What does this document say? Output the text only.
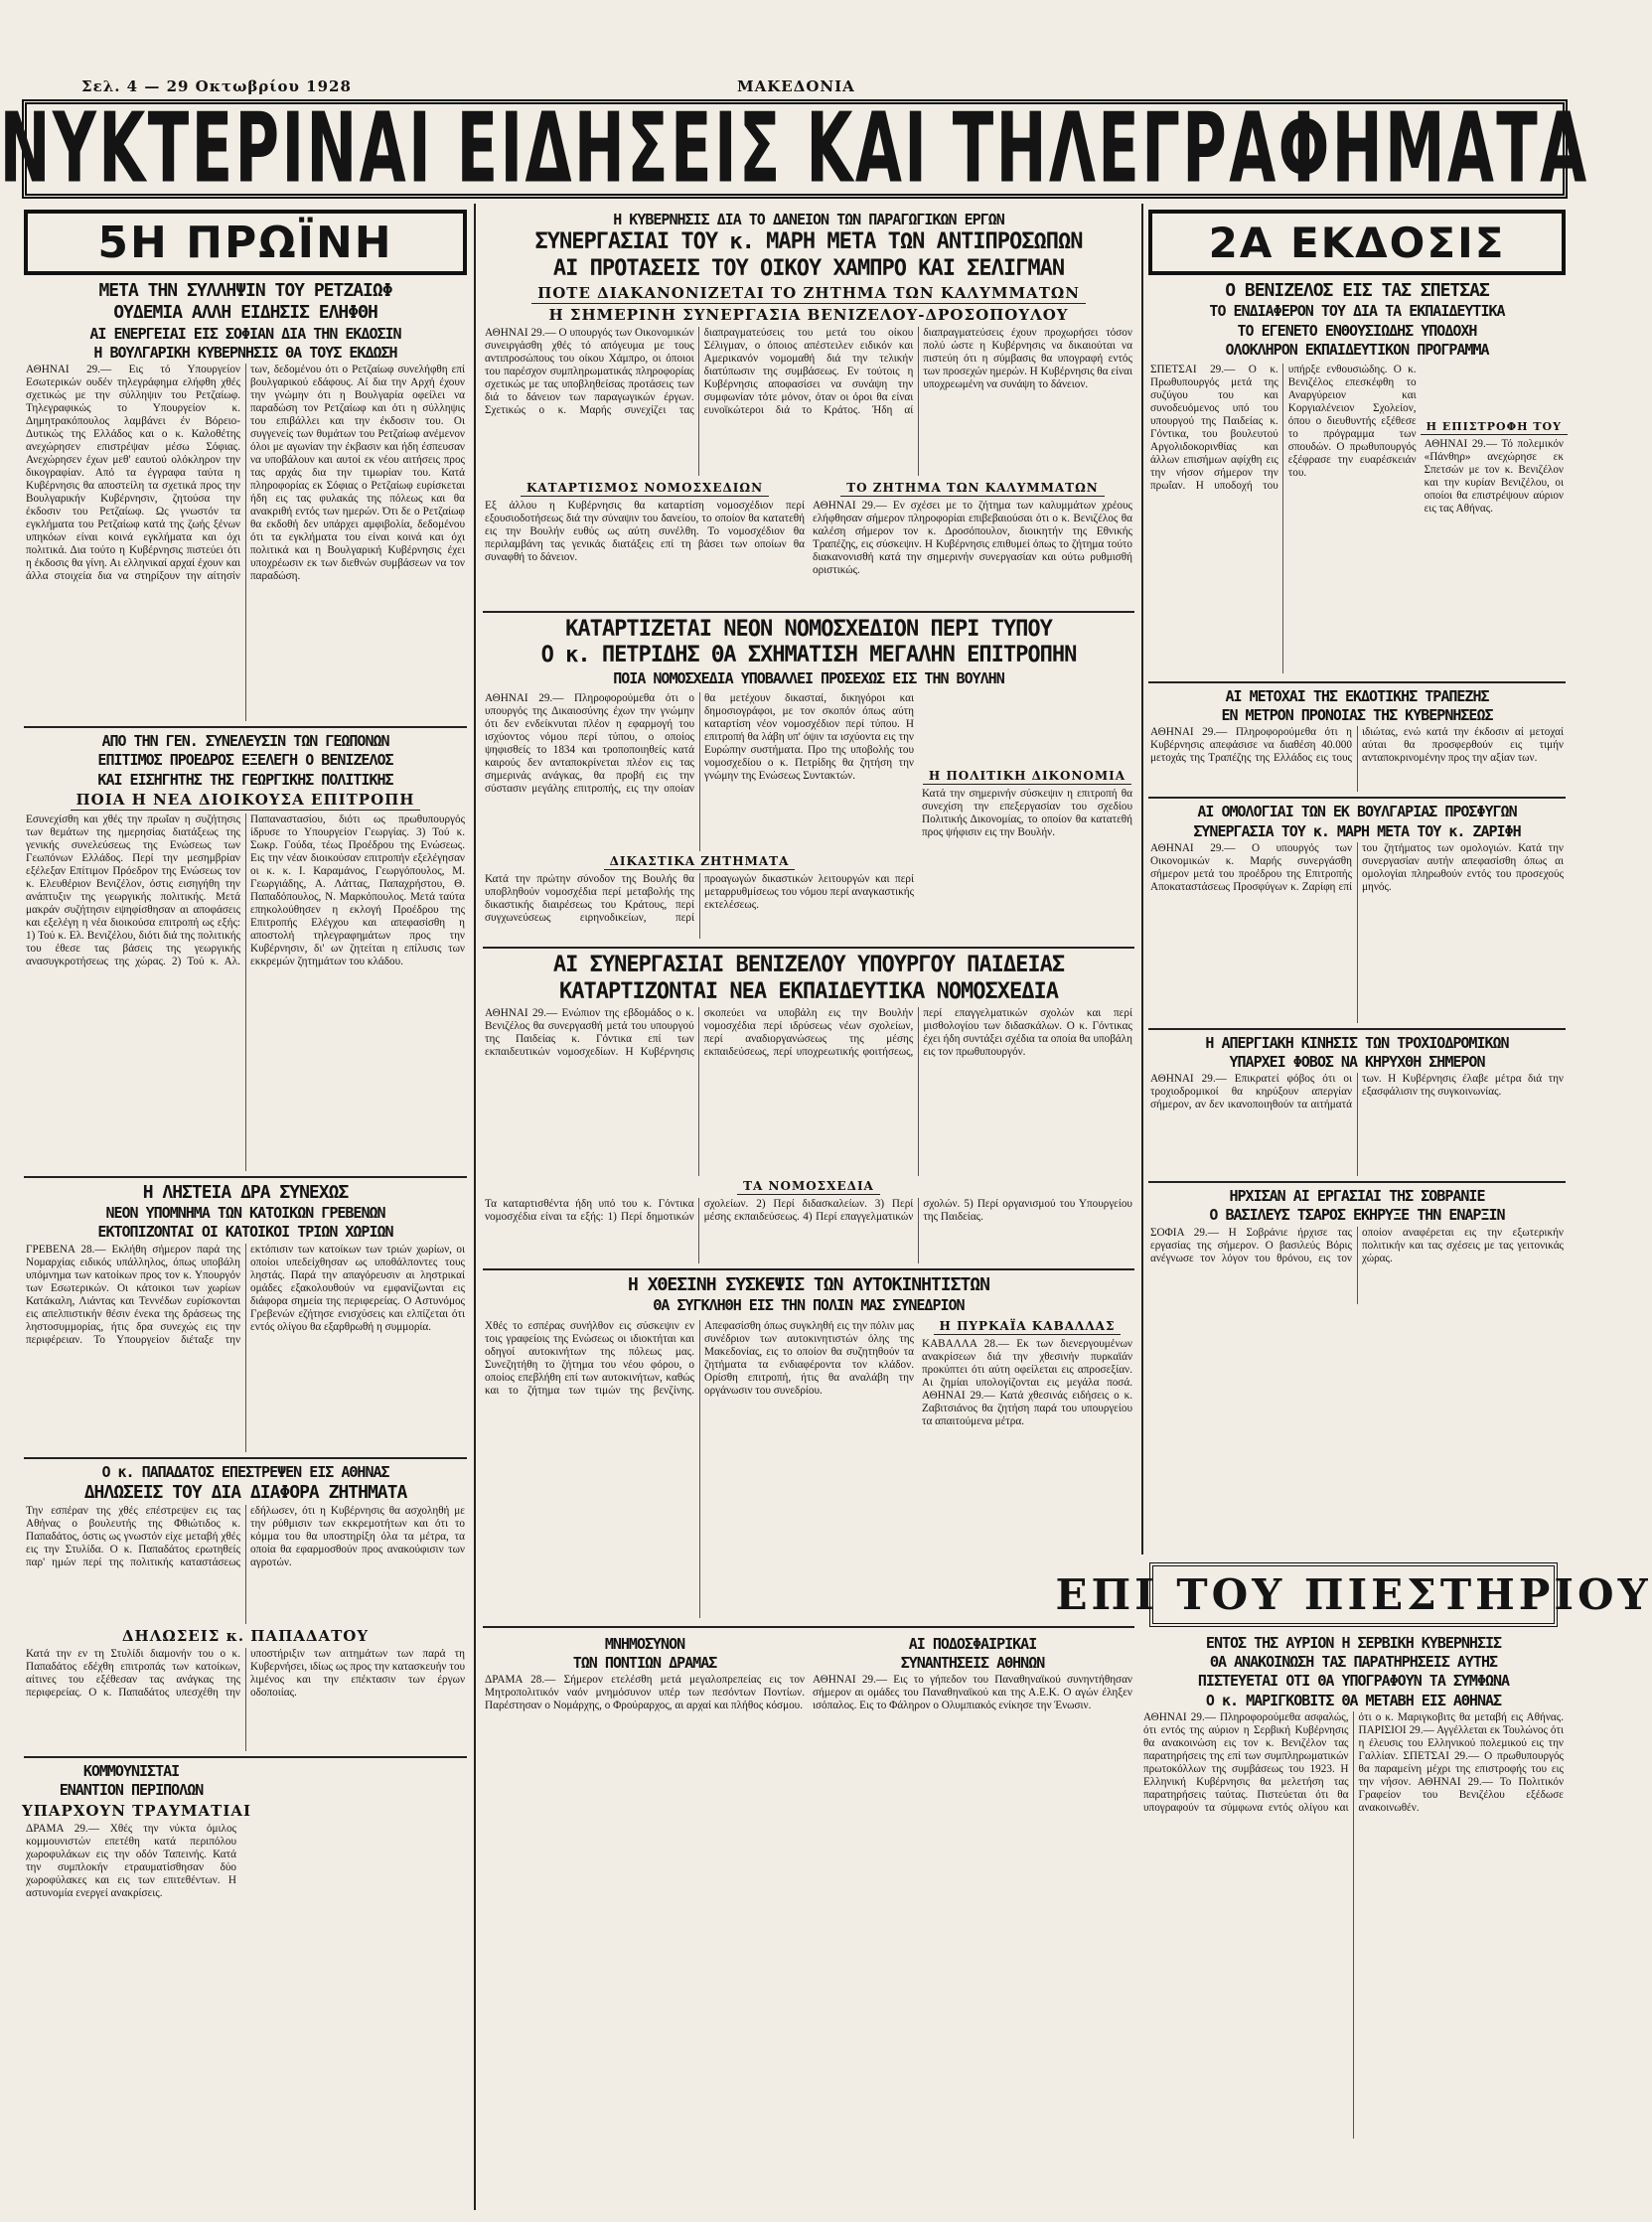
Σελ. 4 — 29 Οκτωβρίου 1928	ΜΑΚΕΔΟΝΙΑ
ΝΥΚΤΕΡΙΝΑΙ ΕΙΔΗΣΕΙΣ ΚΑΙ ΤΗΛΕΓΡΑΦΗΜΑΤΑ
5Η ΠΡΩΪΝΗ
ΜΕΤΑ ΤΗΝ ΣΥΛΛΗΨΙΝ ΤΟΥ ΡΕΤΖΑΙΩΦ
ΟΥΔΕΜΙΑ ΑΛΛΗ ΕΙΔΗΣΙΣ ΕΛΗΦΘΗ
ΑΙ ΕΝΕΡΓΕΙΑΙ ΕΙΣ ΣΟΦΙΑΝ ΔΙΑ ΤΗΝ ΕΚΔΟΣΙΝ
Η ΒΟΥΛΓΑΡΙΚΗ ΚΥΒΕΡΝΗΣΙΣ ΘΑ ΤΟΥΣ ΕΚΔΩΣΗ
ΑΘΗΝΑΙ 29.— Εις τό Υπουργείον Εσωτερικών ουδέν τηλεγράφημα ελήφθη χθές σχετικώς με την σύλληψιν του Ρετζαίωφ. Τηλεγραφικώς το Υπουργείον κ. Δημητρακόπουλος λαμβάνει έν Βόρειο-Δυτικώς της Ελλάδος και ο κ. Καλοθέτης ανεχώρησεν επιστρέψαν μέσω Σόφιας. Ανεχώρησεν έχων μεθ' εαυτού ολόκληρον την δικογραφίαν. Από τα έγγραφα ταύτα η Κυβέρνησις θα αποστείλη τα σχετικά προς την Βουλγαρικήν Κυβέρνησιν, ζητούσα την έκδοσιν του Ρετζαίωφ. Ως γνωστόν τα εγκλήματα του Ρετζαίωφ κατά της ζωής ξένων υπηκόων είναι κοινά εγκλήματα και όχι πολιτικά. Δια τούτο η Κυβέρνησις πιστεύει ότι η έκδοσις θα γίνη. Αι ελληνικαί αρχαί έχουν και άλλα στοιχεία δια να στηρίξουν την αίτησίν των, δεδομένου ότι ο Ρετζαίωφ συνελήφθη επί βουλγαρικού εδάφους. Αί δια την Αρχή έχουν την γνώμην ότι η Βουλγαρία οφείλει να παραδώση τον Ρετζαίωφ και ότι η σύλληψις του επιβάλλει και την έκδοσιν του. Οι συγγενείς των θυμάτων του Ρετζαίωφ ανέμενον όλοι με αγωνίαν την έκβασιν και ήδη έσπευσαν να υποβάλουν και αυτοί εκ νέου αιτήσεις προς τας αρχάς δια την τιμωρίαν του. Κατά πληροφορίας εκ Σόφιας ο Ρετζαίωφ ευρίσκεται ήδη εις τας φυλακάς της πόλεως και θα ανακριθή εντός των ημερών. Ότι δε ο Ρετζαίωφ θα εκδοθή δεν υπάρχει αμφιβολία, δεδομένου ότι τα εγκλήματα του είναι κοινά και όχι πολιτικά και η Βουλγαρική Κυβέρνησις έχει υποχρέωσιν εκ των διεθνών συμβάσεων να τον παραδώση.
ΑΠΟ ΤΗΝ ΓΕΝ. ΣΥΝΕΛΕΥΣΙΝ ΤΩΝ ΓΕΩΠΟΝΩΝ
ΕΠΙΤΙΜΟΣ ΠΡΟΕΔΡΟΣ ΕΞΕΛΕΓΗ Ο ΒΕΝΙΖΕΛΟΣ
ΚΑΙ ΕΙΣΗΓΗΤΗΣ ΤΗΣ ΓΕΩΡΓΙΚΗΣ ΠΟΛΙΤΙΚΗΣ
ΠΟΙΑ Η ΝΕΑ ΔΙΟΙΚΟΥΣΑ ΕΠΙΤΡΟΠΗ
Εσυνεχίσθη και χθές την πρωΐαν η συζήτησις των θεμάτων της ημερησίας διατάξεως της γενικής συνελεύσεως της Ενώσεως των Γεωπόνων Ελλάδος. Περί την μεσημβρίαν εξέλεξαν Επίτιμον Πρόεδρον της Ενώσεως τον κ. Ελευθέριον Βενιζέλον, όστις εισηγήθη την ανάπτυξιν της γεωργικής πολιτικής. Μετά μακράν συζήτησιν εψηφίσθησαν αι αποφάσεις και εξελέγη η νέα διοικούσα επιτροπή ως εξής: 1) Τού κ. Ελ. Βενιζέλου, διότι διά της πολιτικής του έθεσε τας βάσεις της γεωργικής ανασυγκροτήσεως της χώρας. 2) Τού κ. Αλ. Παπαναστασίου, διότι ως πρωθυπουργός ίδρυσε το Υπουργείον Γεωργίας. 3) Τού κ. Σωκρ. Γούδα, τέως Προέδρου της Ενώσεως. Εις την νέαν διοικούσαν επιτροπήν εξελέγησαν οι κ. κ. Ι. Καραμάνος, Γεωργόπουλος, Μ. Γεωργιάδης, Α. Λάττας, Παπαχρήστου, Θ. Παπαδόπουλος, Ν. Μαρκόπουλος. Μετά ταύτα επηκολούθησεν η εκλογή Προέδρου της Επιτροπής Ελέγχου και απεφασίσθη η αποστολή τηλεγραφημάτων προς την Κυβέρνησιν, δι' ων ζητείται η επίλυσις των εκκρεμών ζητημάτων του κλάδου.
Η ΛΗΣΤΕΙΑ ΔΡΑ ΣΥΝΕΧΩΣ
ΝΕΟΝ ΥΠΟΜΝΗΜΑ ΤΩΝ ΚΑΤΟΙΚΩΝ ΓΡΕΒΕΝΩΝ
ΕΚΤΟΠΙΖΟΝΤΑΙ ΟΙ ΚΑΤΟΙΚΟΙ ΤΡΙΩΝ ΧΩΡΙΩΝ
ΓΡΕΒΕΝΑ 28.— Εκλήθη σήμερον παρά της Νομαρχίας ειδικός υπάλληλος, όπως υποβάλη υπόμνημα των κατοίκων προς τον κ. Υπουργόν των Εσωτερικών. Οι κάτοικοι των χωρίων Κατάκαλη, Λιάντας και Τεννέδων ευρίσκονται εις απελπιστικήν θέσιν ένεκα της δράσεως της ληστοσυμμορίας, ήτις δρα συνεχώς εις την περιφέρειαν. Το Υπουργείον διέταξε την εκτόπισιν των κατοίκων των τριών χωρίων, οι οποίοι υπεδείχθησαν ως υποθάλποντες τους ληστάς. Παρά την απαγόρευσιν αι ληστρικαί ομάδες εξακολουθούν να εμφανίζωνται εις διάφορα σημεία της περιφερείας. Ο Αστυνόμος Γρεβενών εζήτησε ενισχύσεις και ελπίζεται ότι εντός ολίγου θα εξαρθρωθή η συμμορία.
Ο κ. ΠΑΠΑΔΑΤΟΣ ΕΠΕΣΤΡΕΨΕΝ ΕΙΣ ΑΘΗΝΑΣ
ΔΗΛΩΣΕΙΣ ΤΟΥ ΔΙΑ ΔΙΑΦΟΡΑ ΖΗΤΗΜΑΤΑ
Την εσπέραν της χθές επέστρεψεν εις τας Αθήνας ο βουλευτής της Φθιώτιδος κ. Παπαδάτος, όστις ως γνωστόν είχε μεταβή χθές εις την Στυλίδα. Ο κ. Παπαδάτος ερωτηθείς παρ' ημών περί της πολιτικής καταστάσεως εδήλωσεν, ότι η Κυβέρνησις θα ασχοληθή με την ρύθμισιν των εκκρεμοτήτων και ότι το κόμμα του θα υποστηρίξη όλα τα μέτρα, τα οποία θα εφαρμοσθούν προς ανακούφισιν των αγροτών.
ΔΗΛΩΣΕΙΣ κ. ΠΑΠΑΔΑΤΟΥ
Κατά την εν τη Στυλίδι διαμονήν του ο κ. Παπαδάτος εδέχθη επιτροπάς των κατοίκων, αίτινες του εξέθεσαν τας ανάγκας της περιφερείας. Ο κ. Παπαδάτος υπεσχέθη την υποστήριξιν των αιτημάτων των παρά τη Κυβερνήσει, ιδίως ως προς την κατασκευήν του λιμένος και την επέκτασιν των έργων οδοποιίας.
ΚΟΜΜΟΥΝΙΣΤΑΙ
ΕΝΑΝΤΙΟΝ ΠΕΡΙΠΟΛΩΝ
ΥΠΑΡΧΟΥΝ ΤΡΑΥΜΑΤΙΑΙ
ΔΡΑΜΑ 29.— Χθές την νύκτα όμιλος κομμουνιστών επετέθη κατά περιπόλου χωροφυλάκων εις την οδόν Ταπεινής. Κατά την συμπλοκήν ετραυματίσθησαν δύο χωροφύλακες και εις των επιτεθέντων. Η αστυνομία ενεργεί ανακρίσεις.
Η ΚΥΒΕΡΝΗΣΙΣ ΔΙΑ ΤΟ ΔΑΝΕΙΟΝ ΤΩΝ ΠΑΡΑΓΩΓΙΚΩΝ ΕΡΓΩΝ
ΣΥΝΕΡΓΑΣΙΑΙ ΤΟΥ κ. ΜΑΡΗ ΜΕΤΑ ΤΩΝ ΑΝΤΙΠΡΟΣΩΠΩΝ
ΑΙ ΠΡΟΤΑΣΕΙΣ ΤΟΥ ΟΙΚΟΥ ΧΑΜΠΡΟ ΚΑΙ ΣΕΛΙΓΜΑΝ
ΠΟΤΕ ΔΙΑΚΑΝΟΝΙΖΕΤΑΙ ΤΟ ΖΗΤΗΜΑ ΤΩΝ ΚΑΛΥΜΜΑΤΩΝ
Η ΣΗΜΕΡΙΝΗ ΣΥΝΕΡΓΑΣΙΑ ΒΕΝΙΖΕΛΟΥ-ΔΡΟΣΟΠΟΥΛΟΥ
ΑΘΗΝΑΙ 29.— Ο υπουργός των Οικονομικών συνειργάσθη χθές τό απόγευμα με τους αντιπροσώπους του οίκου Χάμπρο, οι όποιοι του παρέσχον συμπληρωματικάς πληροφορίας σχετικώς με τας υποβληθείσας προτάσεις των διά το δάνειον των παραγωγικών έργων. Σχετικώς ο κ. Μαρής συνεχίζει τας διαπραγματεύσεις του μετά του οίκου Σέλιγμαν, ο όποιος απέστειλεν ειδικόν και Αμερικανόν νομομαθή διά την τελικήν διατύπωσιν της συμβάσεως. Εν τούτοις η Κυβέρνησις αποφασίσει να συνάψη την συμφωνίαν τότε μόνον, όταν οι όροι θα είναι ευνοϊκώτεροι διά το Κράτος. Ήδη αί διαπραγματεύσεις έχουν προχωρήσει τόσον πολύ ώστε η Κυβέρνησις να δικαιούται να πιστεύη ότι η σύμβασις θα υπογραφή εντός των προσεχών ημερών. Η Κυβέρνησις θα είναι υποχρεωμένη να συνάψη το δάνειον.
ΚΑΤΑΡΤΙΣΜΟΣ ΝΟΜΟΣΧΕΔΙΩΝ
Εξ άλλου η Κυβέρνησις θα καταρτίση νομοσχέδιον περί εξουσιοδοτήσεως διά την σύναψιν του δανείου, το οποίον θα κατατεθή εις την Βουλήν ευθύς ως αύτη συνέλθη. Το νομοσχέδιον θα περιλαμβάνη τας γενικάς διατάξεις επί τη βάσει των οποίων θα συναφθή το δάνειον.
ΤΟ ΖΗΤΗΜΑ ΤΩΝ ΚΑΛΥΜΜΑΤΩΝ
ΑΘΗΝΑΙ 29.— Εν σχέσει με το ζήτημα των καλυμμάτων χρέους ελήφθησαν σήμερον πληροφορίαι επιβεβαιούσαι ότι ο κ. Βενιζέλος θα καλέση σήμερον τον κ. Δροσόπουλον, διοικητήν της Εθνικής Τραπέζης, εις σύσκεψιν. Η Κυβέρνησις επιθυμεί όπως το ζήτημα τούτο διακανονισθή κατά την σημερινήν συνεργασίαν και ούτω ρυθμισθή οριστικώς.
ΚΑΤΑΡΤΙΖΕΤΑΙ ΝΕΟΝ ΝΟΜΟΣΧΕΔΙΟΝ ΠΕΡΙ ΤΥΠΟΥ
Ο κ. ΠΕΤΡΙΔΗΣ ΘΑ ΣΧΗΜΑΤΙΣΗ ΜΕΓΑΛΗΝ ΕΠΙΤΡΟΠΗΝ
ΠΟΙΑ ΝΟΜΟΣΧΕΔΙΑ ΥΠΟΒΑΛΛΕΙ ΠΡΟΣΕΧΩΣ ΕΙΣ ΤΗΝ ΒΟΥΛΗΝ
ΑΘΗΝΑΙ 29.— Πληροφορούμεθα ότι ο υπουργός της Δικαιοσύνης έχων την γνώμην ότι δεν ενδείκνυται πλέον η εφαρμογή του ισχύοντος νόμου περί τύπου, ο οποίος ψηφισθείς το 1834 και τροποποιηθείς κατά καιρούς δεν ανταποκρίνεται πλέον εις τας σημερινάς ανάγκας, θα προβή εις την σύστασιν μεγάλης επιτροπής, εις την οποίαν θα μετέχουν δικασταί, δικηγόροι και δημοσιογράφοι, με τον σκοπόν όπως αύτη καταρτίση νέον νομοσχέδιον περί τύπου. Η επιτροπή θα λάβη υπ' όψιν τα ισχύοντα εις την Ευρώπην συστήματα. Προ της υποβολής του νομοσχεδίου ο κ. Πετρίδης θα ζητήση την γνώμην της Ενώσεως Συντακτών.
ΔΙΚΑΣΤΙΚΑ ΖΗΤΗΜΑΤΑ
Κατά την πρώτην σύνοδον της Βουλής θα υποβληθούν νομοσχέδια περί μεταβολής της δικαστικής διαιρέσεως του Κράτους, περί συγχωνεύσεως ειρηνοδικείων, περί προαγωγών δικαστικών λειτουργών και περί μεταρρυθμίσεως του νόμου περί αναγκαστικής εκτελέσεως.
Η ΠΟΛΙΤΙΚΗ ΔΙΚΟΝΟΜΙΑ
Κατά την σημερινήν σύσκεψιν η επιτροπή θα συνεχίση την επεξεργασίαν του σχεδίου Πολιτικής Δικονομίας, το οποίον θα κατατεθή προς ψήφισιν εις την Βουλήν.
ΑΙ ΣΥΝΕΡΓΑΣΙΑΙ ΒΕΝΙΖΕΛΟΥ ΥΠΟΥΡΓΟΥ ΠΑΙΔΕΙΑΣ
ΚΑΤΑΡΤΙΖΟΝΤΑΙ ΝΕΑ ΕΚΠΑΙΔΕΥΤΙΚΑ ΝΟΜΟΣΧΕΔΙΑ
ΑΘΗΝΑΙ 29.— Ενώπιον της εβδομάδος ο κ. Βενιζέλος θα συνεργασθή μετά του υπουργού της Παιδείας κ. Γόντικα επί των εκπαιδευτικών νομοσχεδίων. Η Κυβέρνησις σκοπεύει να υποβάλη εις την Βουλήν νομοσχέδια περί ιδρύσεως νέων σχολείων, περί αναδιοργανώσεως της μέσης εκπαιδεύσεως, περί υποχρεωτικής φοιτήσεως, περί επαγγελματικών σχολών και περί μισθολογίου των διδασκάλων. Ο κ. Γόντικας έχει ήδη συντάξει σχέδια τα οποία θα υποβάλη εις τον πρωθυπουργόν.
ΤΑ ΝΟΜΟΣΧΕΔΙΑ
Τα καταρτισθέντα ήδη υπό του κ. Γόντικα νομοσχέδια είναι τα εξής: 1) Περί δημοτικών σχολείων. 2) Περί διδασκαλείων. 3) Περί μέσης εκπαιδεύσεως. 4) Περί επαγγελματικών σχολών. 5) Περί οργανισμού του Υπουργείου της Παιδείας.
Η ΧΘΕΣΙΝΗ ΣΥΣΚΕΨΙΣ ΤΩΝ ΑΥΤΟΚΙΝΗΤΙΣΤΩΝ
ΘΑ ΣΥΓΚΛΗΘΗ ΕΙΣ ΤΗΝ ΠΟΛΙΝ ΜΑΣ ΣΥΝΕΔΡΙΟΝ
Χθές το εσπέρας συνήλθον εις σύσκεψιν εν τοις γραφείοις της Ενώσεως οι ιδιοκτήται και οδηγοί αυτοκινήτων της πόλεως μας. Συνεζητήθη το ζήτημα του νέου φόρου, ο οποίος επεβλήθη επί των αυτοκινήτων, καθώς και το ζήτημα των τιμών της βενζίνης. Απεφασίσθη όπως συγκληθή εις την πόλιν μας συνέδριον των αυτοκινητιστών όλης της Μακεδονίας, εις το οποίον θα συζητηθούν τα ζητήματα τα ενδιαφέροντα τον κλάδον. Ορίσθη επιτροπή, ήτις θα αναλάβη την οργάνωσιν του συνεδρίου.
Η ΠΥΡΚΑΪΑ ΚΑΒΑΛΛΑΣ
ΚΑΒΑΛΛΑ 28.— Εκ των διενεργουμένων ανακρίσεων διά την χθεσινήν πυρκαϊάν προκύπτει ότι αύτη οφείλεται εις απροσεξίαν. Αι ζημίαι υπολογίζονται εις μεγάλα ποσά. ΑΘΗΝΑΙ 29.— Κατά χθεσινάς ειδήσεις ο κ. Ζαβιτσιάνος θα ζητήση παρά του υπουργείου τα απαιτούμενα μέτρα.
ΜΝΗΜΟΣΥΝΟΝ
ΤΩΝ ΠΟΝΤΙΩΝ ΔΡΑΜΑΣ
ΔΡΑΜΑ 28.— Σήμερον ετελέσθη μετά μεγαλοπρεπείας εις τον Μητροπολιτικόν ναόν μνημόσυνον υπέρ των πεσόντων Ποντίων. Παρέστησαν ο Νομάρχης, ο Φρούραρχος, αι αρχαί και πλήθος κόσμου.
ΑΙ ΠΟΔΟΣΦΑΙΡΙΚΑΙ
ΣΥΝΑΝΤΗΣΕΙΣ ΑΘΗΝΩΝ
ΑΘΗΝΑΙ 29.— Εις το γήπεδον του Παναθηναϊκού συνηντήθησαν σήμερον αι ομάδες του Παναθηναϊκού και της Α.Ε.Κ. Ο αγών έληξεν ισόπαλος. Εις το Φάληρον ο Ολυμπιακός ενίκησε την Ένωσιν.
2Α ΕΚΔΟΣΙΣ
Ο ΒΕΝΙΖΕΛΟΣ ΕΙΣ ΤΑΣ ΣΠΕΤΣΑΣ
ΤΟ ΕΝΔΙΑΦΕΡΟΝ ΤΟΥ ΔΙΑ ΤΑ ΕΚΠΑΙΔΕΥΤΙΚΑ
ΤΟ ΕΓΕΝΕΤΟ ΕΝΘΟΥΣΙΩΔΗΣ ΥΠΟΔΟΧΗ
ΟΛΟΚΛΗΡΟΝ ΕΚΠΑΙΔΕΥΤΙΚΟΝ ΠΡΟΓΡΑΜΜΑ
ΣΠΕΤΣΑΙ 29.— Ο κ. Πρωθυπουργός μετά της συζύγου του και συνοδευόμενος υπό του υπουργού της Παιδείας κ. Γόντικα, του βουλευτού Αργολιδοκορινθίας και άλλων επισήμων αφίχθη εις την νήσον σήμερον την πρωΐαν. Η υποδοχή του υπήρξε ενθουσιώδης. Ο κ. Βενιζέλος επεσκέφθη το Αναργύρειον και Κοργιαλένειον Σχολείον, όπου ο διευθυντής εξέθεσε το πρόγραμμα των σπουδών. Ο πρωθυπουργός εξέφρασε την ευαρέσκειάν του.
Η ΕΠΙΣΤΡΟΦΗ ΤΟΥ
ΑΘΗΝΑΙ 29.— Τό πολεμικόν «Πάνθηρ» ανεχώρησε εκ Σπετσών με τον κ. Βενιζέλον και την κυρίαν Βενιζέλου, οι οποίοι θα επιστρέψουν αύριον εις τας Αθήνας.
ΑΙ ΜΕΤΟΧΑΙ ΤΗΣ ΕΚΔΟΤΙΚΗΣ ΤΡΑΠΕΖΗΣ
ΕΝ ΜΕΤΡΟΝ ΠΡΟΝΟΙΑΣ ΤΗΣ ΚΥΒΕΡΝΗΣΕΩΣ
ΑΘΗΝΑΙ 29.— Πληροφορούμεθα ότι η Κυβέρνησις απεφάσισε να διαθέση 40.000 μετοχάς της Τραπέζης της Ελλάδος εις τους ιδιώτας, ενώ κατά την έκδοσιν αί μετοχαί αύται θα προσφερθούν εις τιμήν ανταποκρινομένην προς την αξίαν των.
ΑΙ ΟΜΟΛΟΓΙΑΙ ΤΩΝ ΕΚ ΒΟΥΛΓΑΡΙΑΣ ΠΡΟΣΦΥΓΩΝ
ΣΥΝΕΡΓΑΣΙΑ ΤΟΥ κ. ΜΑΡΗ ΜΕΤΑ ΤΟΥ κ. ΖΑΡΙΦΗ
ΑΘΗΝΑΙ 29.— Ο υπουργός των Οικονομικών κ. Μαρής συνεργάσθη σήμερον μετά του προέδρου της Επιτροπής Αποκαταστάσεως Προσφύγων κ. Ζαρίφη επί του ζητήματος των ομολογιών. Κατά την συνεργασίαν αυτήν απεφασίσθη όπως αι ομολογίαι πληρωθούν εντός του προσεχούς μηνός.
Η ΑΠΕΡΓΙΑΚΗ ΚΙΝΗΣΙΣ ΤΩΝ ΤΡΟΧΙΟΔΡΟΜΙΚΩΝ
ΥΠΑΡΧΕΙ ΦΟΒΟΣ ΝΑ ΚΗΡΥΧΘΗ ΣΗΜΕΡΟΝ
ΑΘΗΝΑΙ 29.— Επικρατεί φόβος ότι οι τροχιοδρομικοί θα κηρύξουν απεργίαν σήμερον, αν δεν ικανοποιηθούν τα αιτήματά των. Η Κυβέρνησις έλαβε μέτρα διά την εξασφάλισιν της συγκοινωνίας.
ΗΡΧΙΣΑΝ ΑΙ ΕΡΓΑΣΙΑΙ ΤΗΣ ΣΟΒΡΑΝΙΕ
Ο ΒΑΣΙΛΕΥΣ ΤΣΑΡΟΣ ΕΚΗΡΥΞΕ ΤΗΝ ΕΝΑΡΞΙΝ
ΣΟΦΙΑ 29.— Η Σοβράνιε ήρχισε τας εργασίας της σήμερον. Ο βασιλεύς Βόρις ανέγνωσε τον λόγον του θρόνου, εις τον οποίον αναφέρεται εις την εξωτερικήν πολιτικήν και τας σχέσεις με τας γειτονικάς χώρας.
ΕΠΙ ΤΟΥ ΠΙΕΣΤΗΡΙΟΥ
ΕΝΤΟΣ ΤΗΣ ΑΥΡΙΟΝ Η ΣΕΡΒΙΚΗ ΚΥΒΕΡΝΗΣΙΣ
ΘΑ ΑΝΑΚΟΙΝΩΣΗ ΤΑΣ ΠΑΡΑΤΗΡΗΣΕΙΣ ΑΥΤΗΣ
ΠΙΣΤΕΥΕΤΑΙ ΟΤΙ ΘΑ ΥΠΟΓΡΑΦΟΥΝ ΤΑ ΣΥΜΦΩΝΑ
Ο κ. ΜΑΡΙΓΚΟΒΙΤΣ ΘΑ ΜΕΤΑΒΗ ΕΙΣ ΑΘΗΝΑΣ
ΑΘΗΝΑΙ 29.— Πληροφορούμεθα ασφαλώς, ότι εντός της αύριον η Σερβική Κυβέρνησις θα ανακοινώση εις τον κ. Βενιζέλον τας παρατηρήσεις της επί των συμπληρωματικών πρωτοκόλλων της συμβάσεως του 1923. Η Ελληνική Κυβέρνησις θα μελετήση τας παρατηρήσεις ταύτας. Πιστεύεται ότι θα υπογραφούν τα σύμφωνα εντός ολίγου και ότι ο κ. Μαριγκοβιτς θα μεταβή εις Αθήνας. ΠΑΡΙΣΙΟΙ 29.— Αγγέλλεται εκ Τουλώνος ότι η έλευσις του Ελληνικού πολεμικού εις την Γαλλίαν. ΣΠΕΤΣΑΙ 29.— Ο πρωθυπουργός θα παραμείνη μέχρι της επιστροφής του εις την νήσον. ΑΘΗΝΑΙ 29.— Το Πολιτικόν Γραφείον του Βενιζέλου εξέδωσε ανακοινωθέν.
